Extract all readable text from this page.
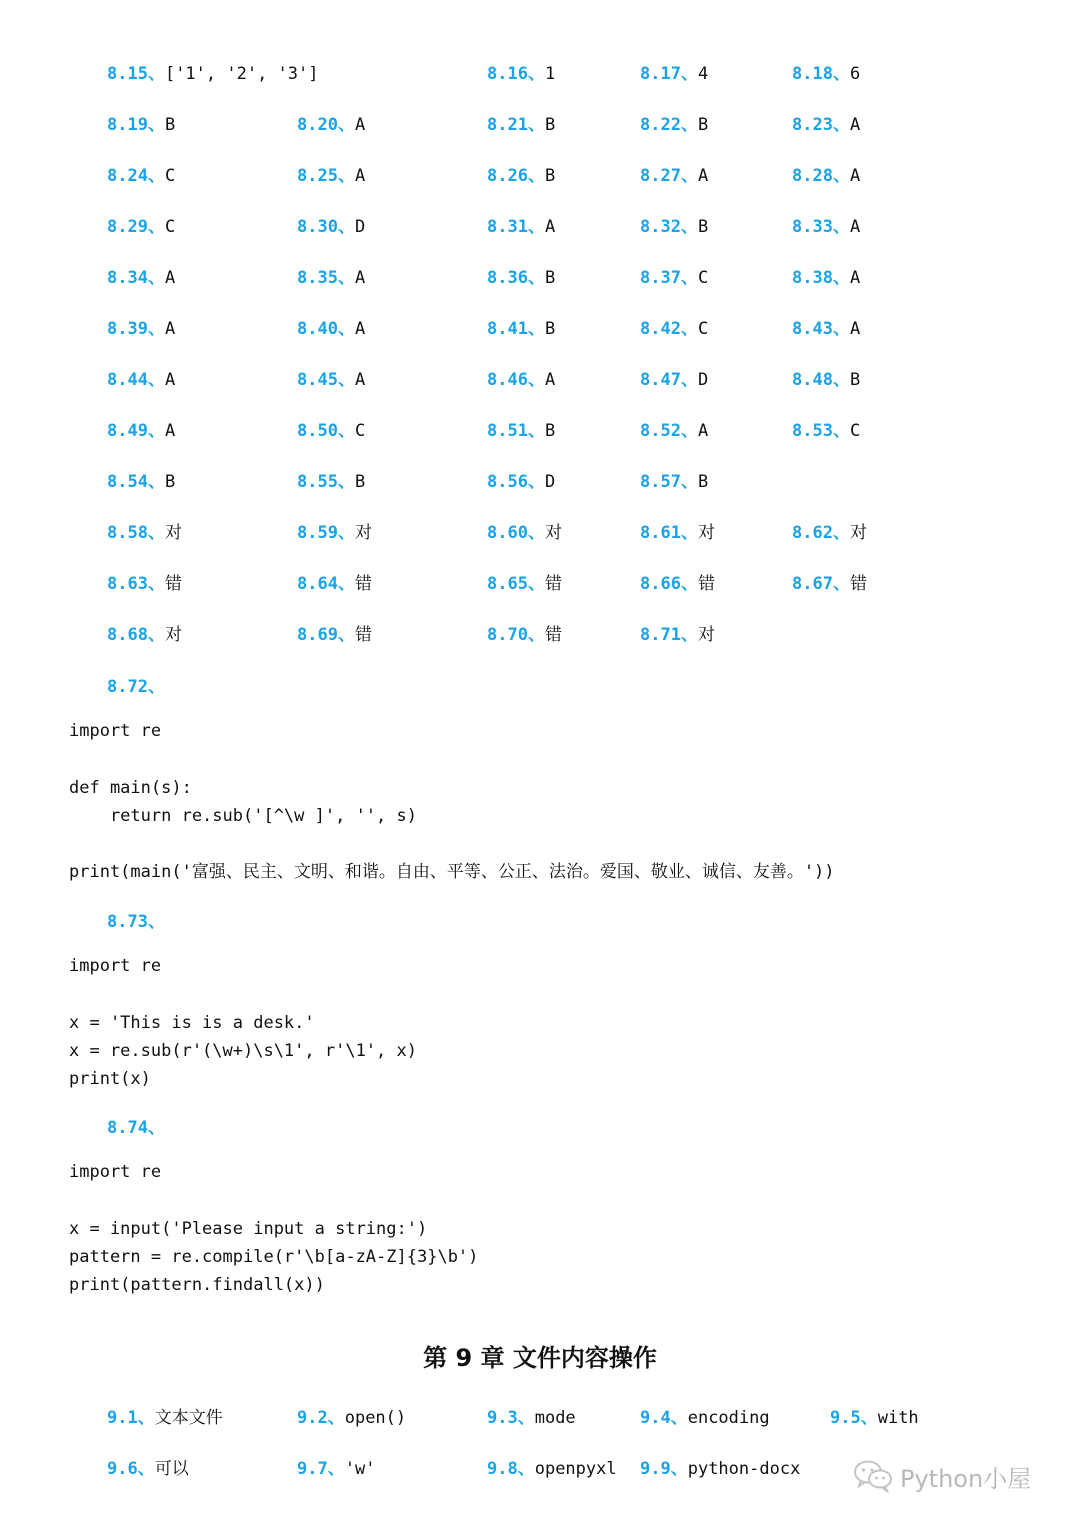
8.15、['1', '2', '3']	8.16、1	8.17、4	8.18、6
8.19、B	8.20、A	8.21、B	8.22、B	8.23、A
8.24、C	8.25、A	8.26、B	8.27、A	8.28、A
8.29、C	8.30、D	8.31、A	8.32、B	8.33、A
8.34、A	8.35、A	8.36、B	8.37、C	8.38、A
8.39、A	8.40、A	8.41、B	8.42、C	8.43、A
8.44、A	8.45、A	8.46、A	8.47、D	8.48、B
8.49、A	8.50、C	8.51、B	8.52、A	8.53、C
8.54、B	8.55、B	8.56、D	8.57、B
8.58、对	8.59、对	8.60、对	8.61、对	8.62、对
8.63、错	8.64、错	8.65、错	8.66、错	8.67、错
8.68、对	8.69、错	8.70、错	8.71、对
8.72、
import re

def main(s):
return re.sub('[^\w ]', '', s)

print(main('富强、民主、文明、和谐。自由、平等、公正、法治。爱国、敬业、诚信、友善。'))
8.73、
import re

x = 'This is is a desk.'
x = re.sub(r'(\w+)\s\1', r'\1', x)
print(x)
8.74、
import re

x = input('Please input a string:')
pattern = re.compile(r'\b[a-zA-Z]{3}\b')
print(pattern.findall(x))
第 9 章 文件内容操作
9.1、文本文件	9.2、open()	9.3、mode	9.4、encoding	9.5、with
9.6、可以	9.7、'w'	9.8、openpyxl 9.9、python-docx	Python小屋
